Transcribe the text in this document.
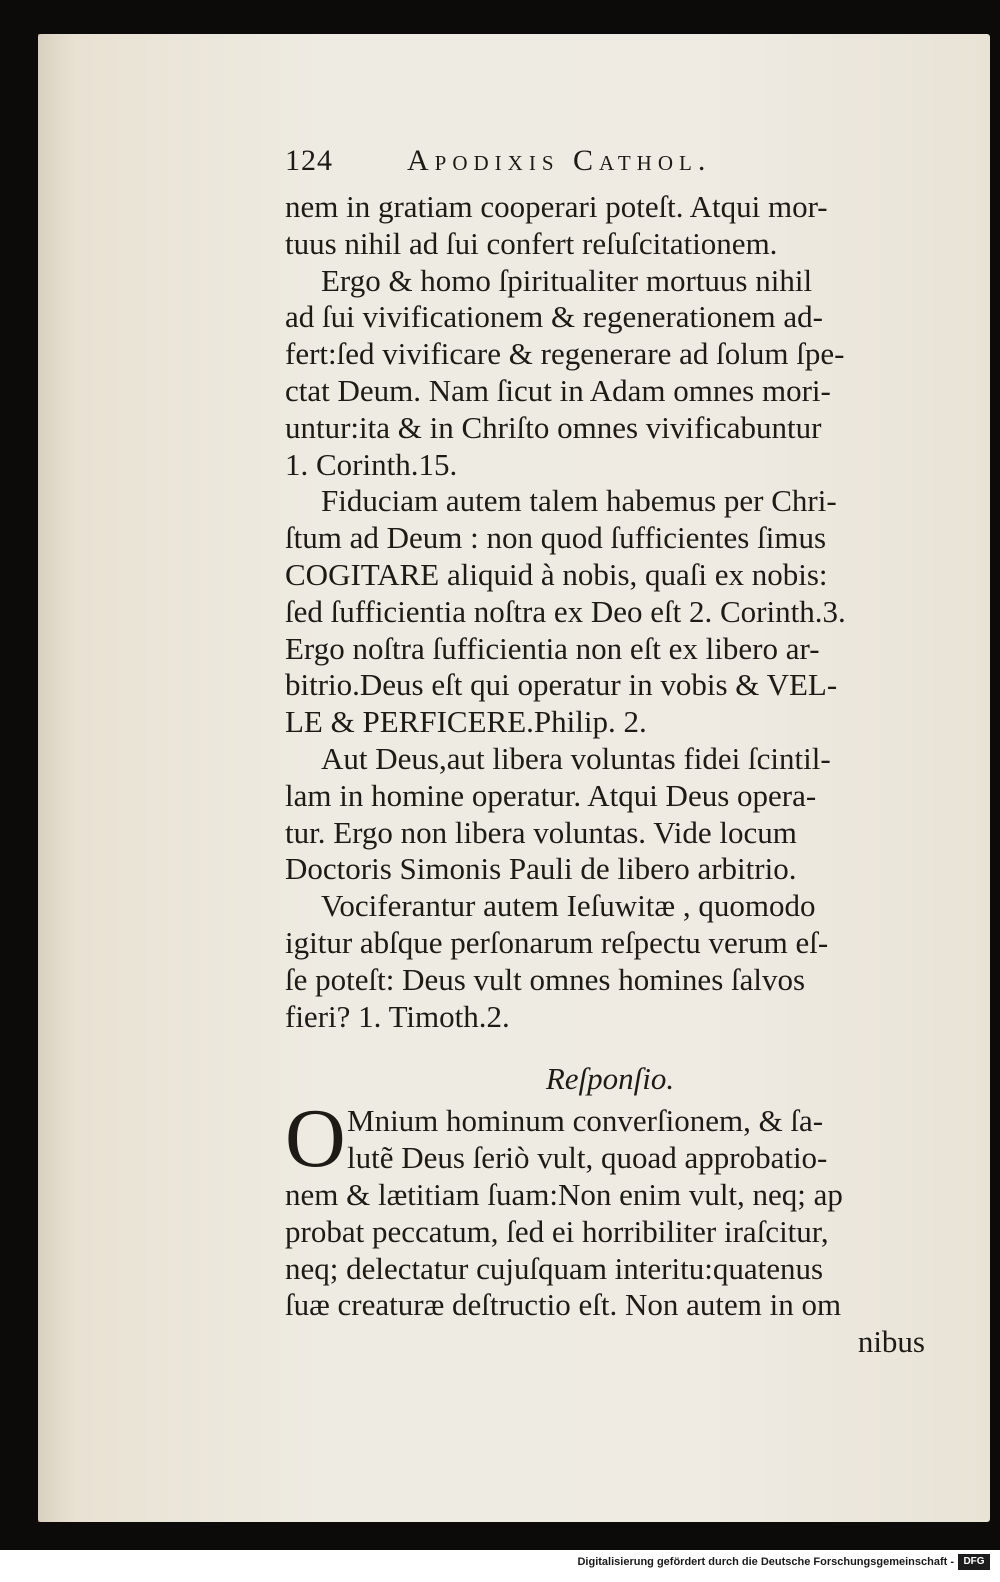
124	Apodixis Cathol.
nem in gratiam cooperari poteſt. Atqui mor-
tuus nihil ad ſui confert reſuſcitationem.
Ergo & homo ſpiritualiter mortuus nihil
ad ſui vivificationem & regenerationem ad-
fert:ſed vivificare & regenerare ad ſolum ſpe-
ctat Deum. Nam ſicut in Adam omnes mori-
untur:ita & in Chriſto omnes vivificabuntur
1. Corinth.15.
Fiduciam autem talem habemus per Chri-
ſtum ad Deum : non quod ſufficientes ſimus
COGITARE aliquid à nobis, quaſi ex nobis:
ſed ſufficientia noſtra ex Deo eſt 2. Corinth.3.
Ergo noſtra ſufficientia non eſt ex libero ar-
bitrio.Deus eſt qui operatur in vobis & VEL-
LE & PERFICERE.Philip. 2.
Aut Deus,aut libera voluntas fidei ſcintil-
lam in homine operatur. Atqui Deus opera-
tur. Ergo non libera voluntas. Vide locum
Doctoris Simonis Pauli de libero arbitrio.
Vociferantur autem Ieſuwitæ , quomodo
igitur abſque perſonarum reſpectu verum eſ-
ſe poteſt: Deus vult omnes homines ſalvos
fieri? 1. Timoth.2.
Reſponſio.
O Mnium hominum converſionem, & ſa-
lutẽ Deus ſeriò vult, quoad approbatio-
nem & lætitiam ſuam:Non enim vult, neq; ap
probat peccatum, ſed ei horribiliter iraſcitur,
neq; delectatur cujuſquam interitu:quatenus
ſuæ creaturæ deſtructio eſt. Non autem in om
nibus
Digitalisierung gefördert durch die Deutsche Forschungsgemeinschaft - DFG
